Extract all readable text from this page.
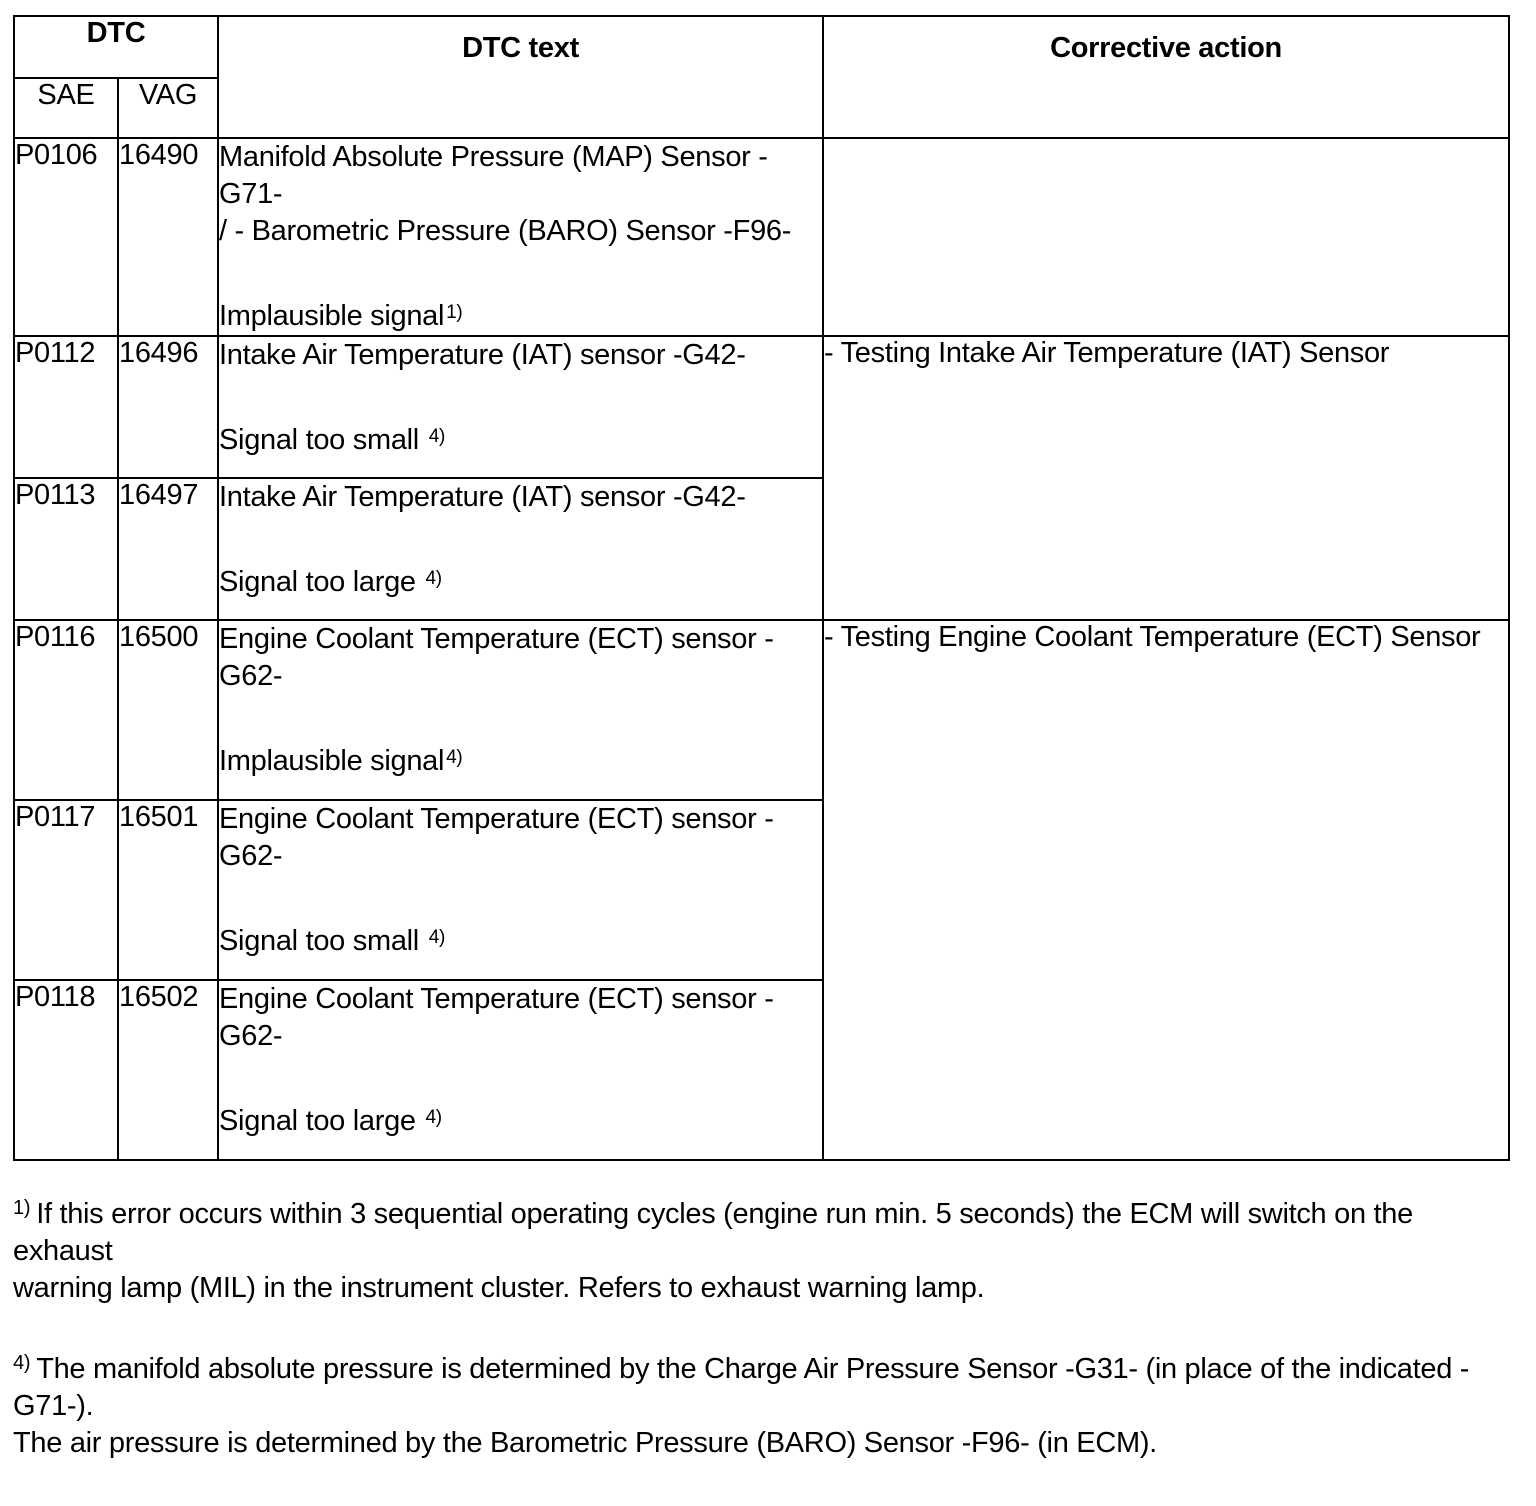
DTC		DTC text	Corrective action
SAE	VAG		
P0106	16490	Manifold Absolute Pressure (MAP) Sensor -G71-
/ - Barometric Pressure (BARO) Sensor -F96-
Implausible signal $^{1)}$	
P0112	16496	Intake Air Temperature (IAT) sensor -G42-
Signal too small $^{4)}$	- Testing Intake Air Temperature (IAT) Sensor
P0113	16497	Intake Air Temperature (IAT) sensor -G42-
Signal too large $^{4)}$
P0116	16500	Engine Coolant Temperature (ECT) sensor -
G62-
Implausible signal $^{4)}$	- Testing Engine Coolant Temperature (ECT) Sensor
P0117	16501	Engine Coolant Temperature (ECT) sensor -
G62-
Signal too small $^{4)}$
P0118	16502	Engine Coolant Temperature (ECT) sensor -
G62-
Signal too large $^{4)}$
$^{1)}$ If this error occurs within 3 sequential operating cycles (engine run min. 5 seconds) the ECM will switch on the exhaust
warning lamp (MIL) in the instrument cluster. Refers to exhaust warning lamp.
$^{4)}$ The manifold absolute pressure is determined by the Charge Air Pressure Sensor -G31- (in place of the indicated -G71-).
The air pressure is determined by the Barometric Pressure (BARO) Sensor -F96- (in ECM).
